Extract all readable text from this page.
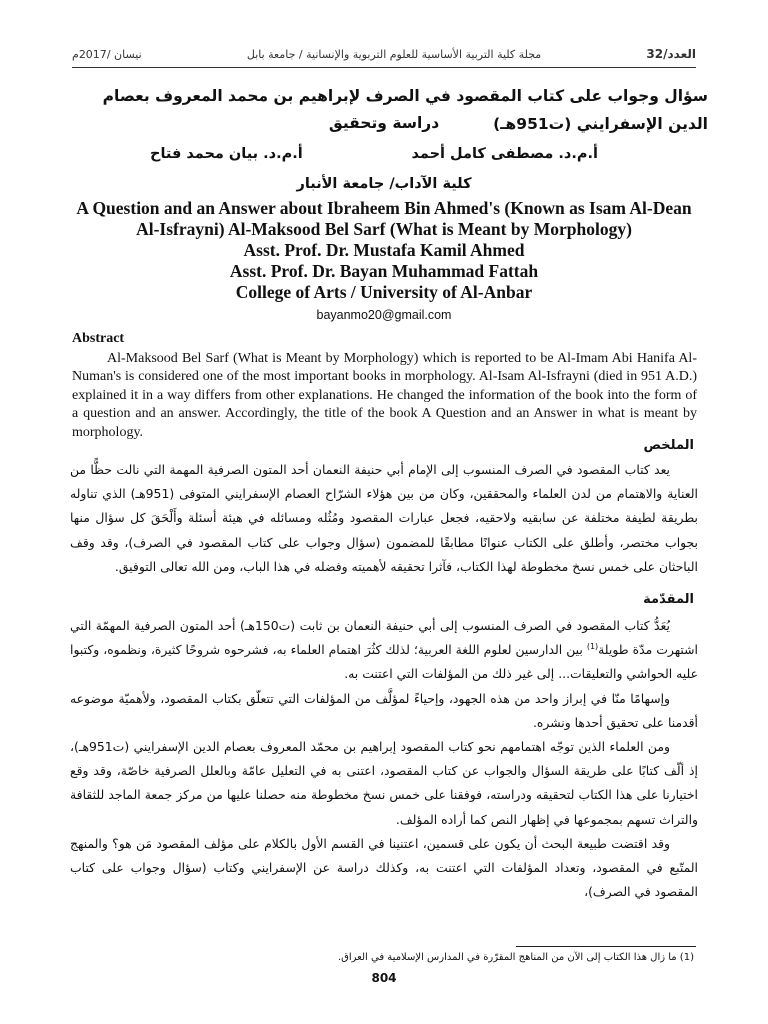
العدد/32
مجلة كلية التربية الأساسية للعلوم التربوية والإنسانية / جامعة بابل
نيسان /2017م
سؤال وجواب على كتاب المقصود في الصرف لإبراهيم بن محمد المعروف بعصام الدين الإسفرايني (ت951هـ)
دراسة وتحقيق
أ.م.د. مصطفى كامل أحمد
أ.م.د. بيان محمد فتاح
كلية الآداب/ جامعة الأنبار
A Question and an Answer about Ibraheem Bin Ahmed's (Known as Isam Al-Dean
Al-Isfrayni) Al-Maksood Bel Sarf (What is Meant by Morphology)
Asst. Prof. Dr. Mustafa Kamil Ahmed
Asst. Prof. Dr. Bayan Muhammad Fattah
College of Arts / University of Al-Anbar
bayanmo20@gmail.com
Abstract
Al-Maksood Bel Sarf (What is Meant by Morphology) which is reported to be Al-Imam Abi Hanifa Al-Numan's is considered one of the most important books in morphology. Al-Isam Al-Isfrayni (died in 951 A.D.) explained it in a way differs from other explanations. He changed the information of the book into the form of a question and an answer. Accordingly, the title of the book A Question and an Answer in what is meant by morphology.
الملخص

يعد كتاب المقصود في الصرف المنسوب إلى الإمام أبي حنيفة النعمان أحد المتون الصرفية المهمة التي نالت حظًّا من العناية والاهتمام من لدن العلماء والمحققين، وكان من بين هؤلاء الشرّاح العصام الإسفرايني المتوفى (951هـ) الذي تناوله بطريقة لطيفة مختلفة عن سابقيه ولاحقيه، فجعل عبارات المقصود ومُثُله ومسائله في هيئة أسئلة وأَلْحَقَ كل سؤال منها بجواب مختصر، وأطلق على الكتاب عنوانًا مطابقًا للمضمون (سؤال وجواب على كتاب المقصود في الصرف)، وقد وقف الباحثان على خمس نسخ مخطوطة لهذا الكتاب، فآثرا تحقيقه لأهميته وفضله في هذا الباب، ومن الله تعالى التوفيق.

المقدّمة

يُعَدُّ كتاب المقصود في الصرف المنسوب إلى أبي حنيفة النعمان بن ثابت (ت150هـ) أحد المتون الصرفية المهمّة التي اشتهرت مدّة طويلة$^{(1)}$ بين الدارسين لعلوم اللغة العربية؛ لذلك كثُرَ اهتمام العلماء به، فشرحوه شروحًا كثيرة، ونظموه، وكتبوا عليه الحواشي والتعليقات... إلى غير ذلك من المؤلفات التي اعتنت به.

وإسهامًا منّا في إبراز واحد من هذه الجهود، وإحياءً لمؤلَّف من المؤلفات التي تتعلّق بكتاب المقصود، ولأهميّة موضوعه أقدمنا على تحقيق أحدها ونشره.

ومن العلماء الذين توجّه اهتمامهم نحو كتاب المقصود إبراهيم بن محمّد المعروف بعصام الدين الإسفرايني (ت951هـ)، إذ ألّف كتابًا على طريقة السؤال والجواب عن كتاب المقصود، اعتنى به في التعليل عامّة وبالعلل الصرفية خاصّة، وقد وقع اختيارنا على هذا الكتاب لتحقيقه ودراسته، فوفقنا على خمس نسخ مخطوطة منه حصلنا عليها من مركز جمعة الماجد للثقافة والتراث تسهم بمجموعها في إظهار النص كما أراده المؤلف.

وقد اقتضت طبيعة البحث أن يكون على قسمين، اعتنينا في القسم الأول بالكلام على مؤلف المقصود مَن هو؟ والمنهج المتّبع في المقصود، وتعداد المؤلفات التي اعتنت به، وكذلك دراسة عن الإسفرايني وكتاب (سؤال وجواب على كتاب المقصود في الصرف)،

(1) ما زال هذا الكتاب إلى الآن من المناهج المقرّرة في المدارس الإسلامية في العراق.
804
